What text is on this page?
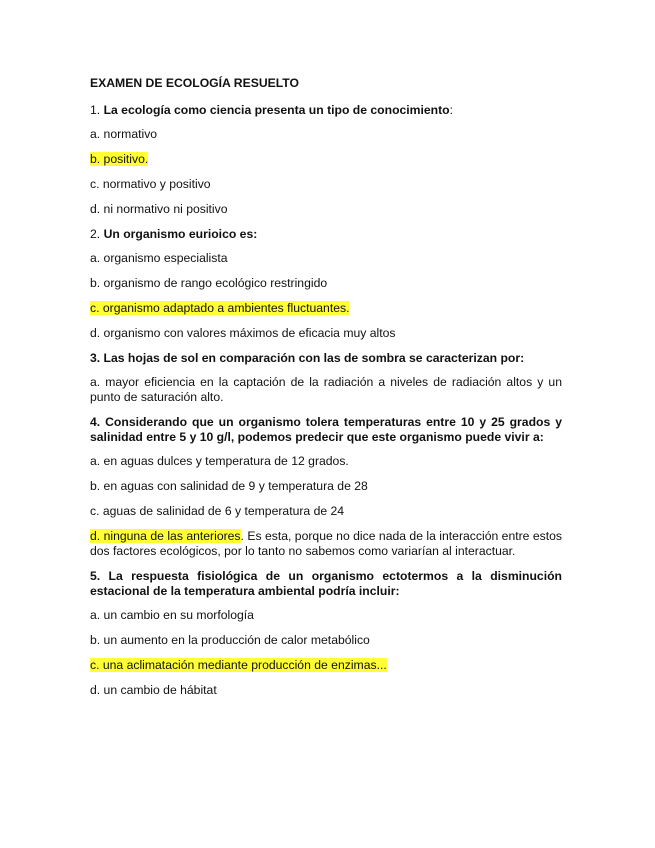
EXAMEN DE ECOLOGÍA RESUELTO
1. La ecología como ciencia presenta un tipo de conocimiento:
a. normativo
b. positivo.
c. normativo y positivo
d. ni normativo ni positivo
2. Un organismo eurioico es:
a. organismo especialista
b. organismo de rango ecológico restringido
c. organismo adaptado a ambientes fluctuantes.
d. organismo con valores máximos de eficacia muy altos
3. Las hojas de sol en comparación con las de sombra se caracterizan por:
a. mayor eficiencia en la captación de la radiación a niveles de radiación altos y un punto de saturación alto.
4. Considerando que un organismo tolera temperaturas entre 10 y 25 grados y salinidad entre 5 y 10 g/l, podemos predecir que este organismo puede vivir a:
a. en aguas dulces y temperatura de 12 grados.
b. en aguas con salinidad de 9 y temperatura de 28
c. aguas de salinidad de 6 y temperatura de 24
d. ninguna de las anteriores. Es esta, porque no dice nada de la interacción entre estos dos factores ecológicos, por lo tanto no sabemos como variarían al interactuar.
5. La respuesta fisiológica de un organismo ectotermos a la disminución estacional de la temperatura ambiental podría incluir:
a. un cambio en su morfología
b. un aumento en la producción de calor metabólico
c. una aclimatación mediante producción de enzimas...
d. un cambio de hábitat
